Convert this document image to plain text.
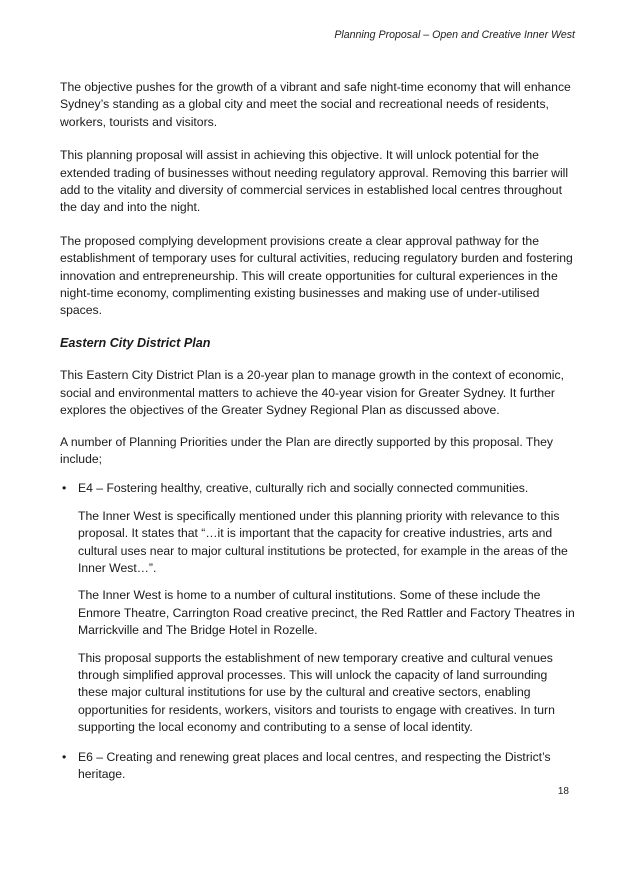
Planning Proposal – Open and Creative Inner West

The objective pushes for the growth of a vibrant and safe night-time economy that will enhance Sydney’s standing as a global city and meet the social and recreational needs of residents, workers, tourists and visitors.

This planning proposal will assist in achieving this objective. It will unlock potential for the extended trading of businesses without needing regulatory approval. Removing this barrier will add to the vitality and diversity of commercial services in established local centres throughout the day and into the night.

The proposed complying development provisions create a clear approval pathway for the establishment of temporary uses for cultural activities, reducing regulatory burden and fostering innovation and entrepreneurship. This will create opportunities for cultural experiences in the night-time economy, complimenting existing businesses and making use of under-utilised spaces.

Eastern City District Plan

This Eastern City District Plan is a 20-year plan to manage growth in the context of economic, social and environmental matters to achieve the 40-year vision for Greater Sydney. It further explores the objectives of the Greater Sydney Regional Plan as discussed above.

A number of Planning Priorities under the Plan are directly supported by this proposal. They include;

• E4 – Fostering healthy, creative, culturally rich and socially connected communities.

The Inner West is specifically mentioned under this planning priority with relevance to this proposal. It states that “…it is important that the capacity for creative industries, arts and cultural uses near to major cultural institutions be protected, for example in the areas of the Inner West…”.

The Inner West is home to a number of cultural institutions. Some of these include the Enmore Theatre, Carrington Road creative precinct, the Red Rattler and Factory Theatres in Marrickville and The Bridge Hotel in Rozelle.

This proposal supports the establishment of new temporary creative and cultural venues through simplified approval processes. This will unlock the capacity of land surrounding these major cultural institutions for use by the cultural and creative sectors, enabling opportunities for residents, workers, visitors and tourists to engage with creatives. In turn supporting the local economy and contributing to a sense of local identity.

• E6 – Creating and renewing great places and local centres, and respecting the District’s heritage.
18
